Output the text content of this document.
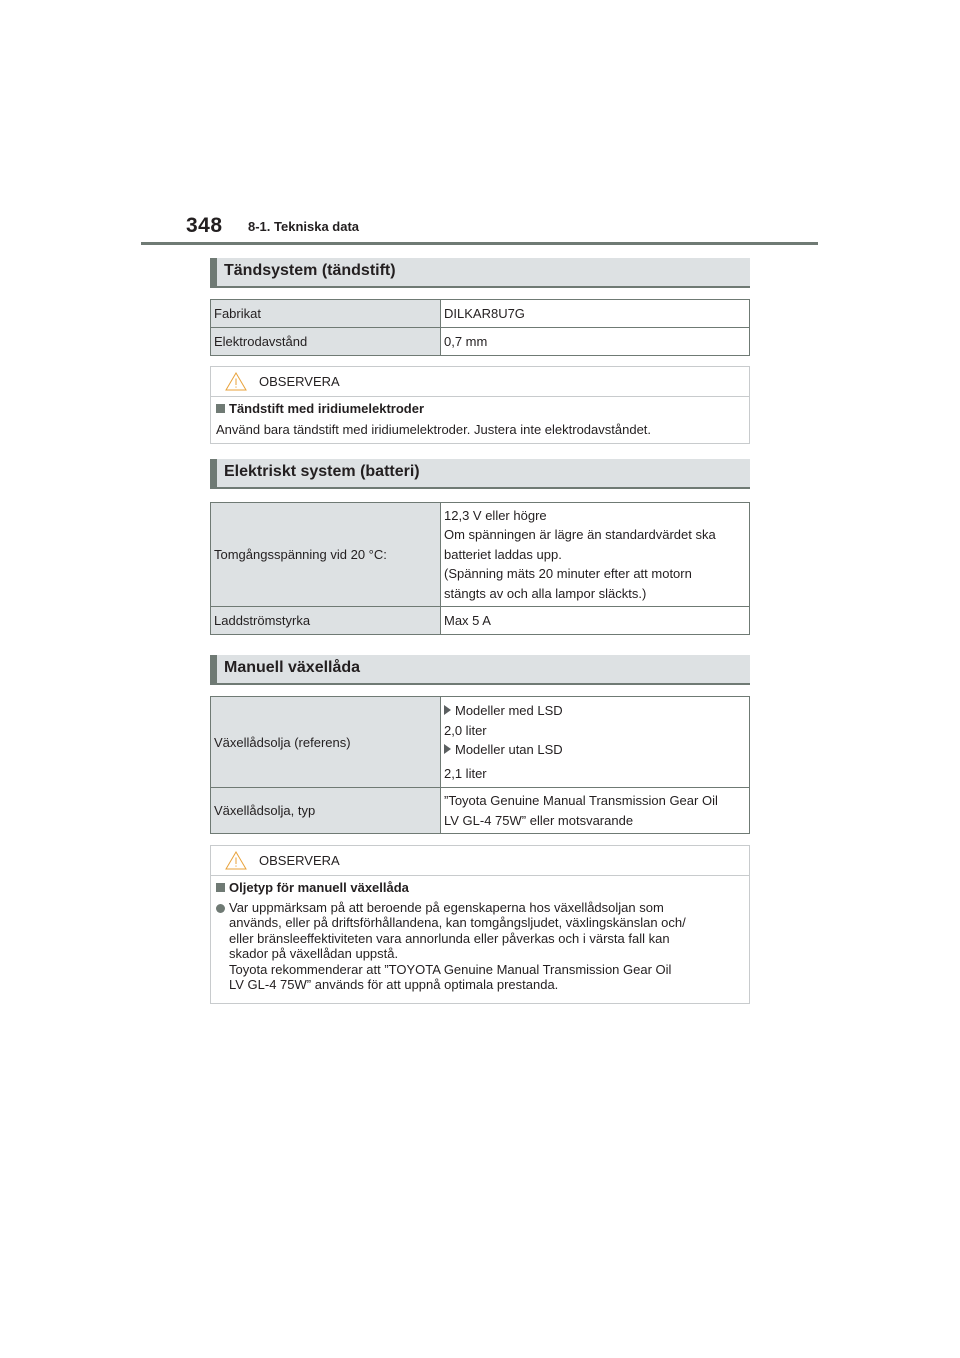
348 8-1. Tekniska data
Tändsystem (tändstift)
Fabrikat	DILKAR8U7G
Elektrodavstånd	0,7 mm
OBSERVERA
Tändstift med iridiumelektroder
Använd bara tändstift med iridiumelektroder. Justera inte elektrodavståndet.
Elektriskt system (batteri)
Tomgångsspänning vid 20 °C:	12,3 V eller högre
Om spänningen är lägre än standardvärdet ska
batteriet laddas upp.
(Spänning mäts 20 minuter efter att motorn
stängts av och alla lampor släckts.)

Laddströmstyrka	Max 5 A
Manuell växellåda
Växellådsolja (referens)	Modeller med LSD
2,0 liter
Modeller utan LSD
2,1 liter

Växellådsolja, typ	”Toyota Genuine Manual Transmission Gear Oil
LV GL-4 75W” eller motsvarande
OBSERVERA
Oljetyp för manuell växellåda
Var uppmärksam på att beroende på egenskaperna hos växellådsoljan som
används, eller på driftsförhållandena, kan tomgångsljudet, växlingskänslan och/
eller bränsleeffektiviteten vara annorlunda eller påverkas och i värsta fall kan
skador på växellådan uppstå.
Toyota rekommenderar att ”TOYOTA Genuine Manual Transmission Gear Oil
LV GL-4 75W” används för att uppnå optimala prestanda.
